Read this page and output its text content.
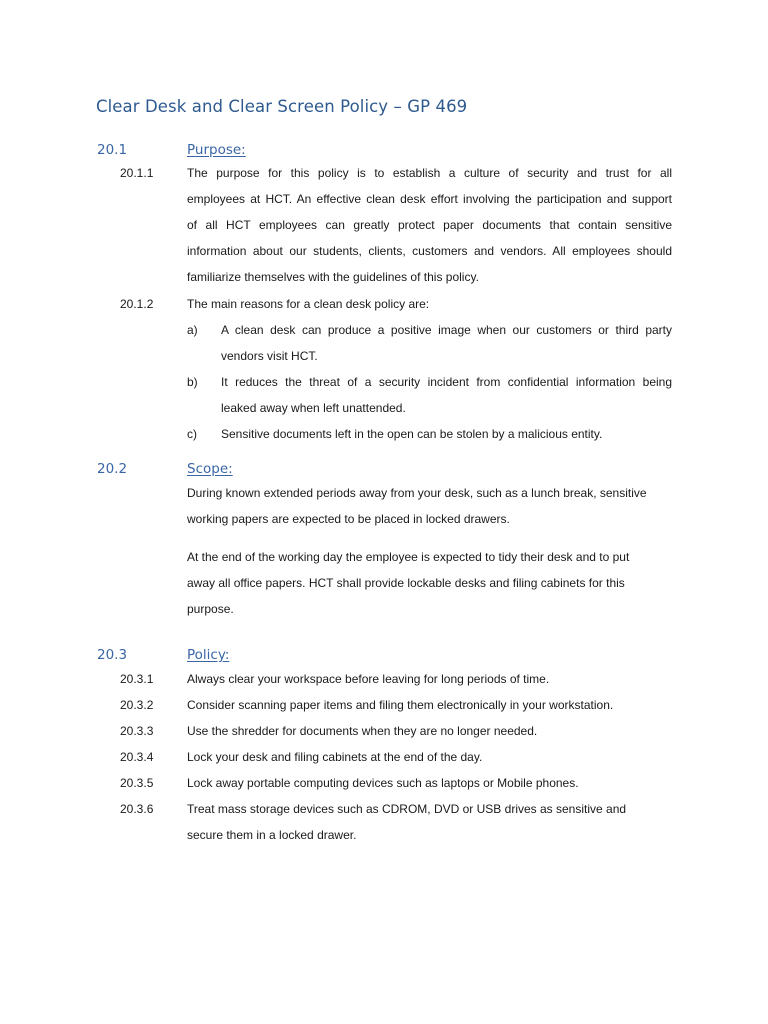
Clear Desk and Clear Screen Policy – GP 469
20.1	Purpose:
20.1.1	The purpose for this policy is to establish a culture of security and trust for all
employees at HCT. An effective clean desk effort involving the participation and support
of all HCT employees can greatly protect paper documents that contain sensitive
information about our students, clients, customers and vendors. All employees should
familiarize themselves with the guidelines of this policy.
20.1.2	The main reasons for a clean desk policy are:
a) A clean desk can produce a positive image when our customers or third party
vendors visit HCT.
b) It reduces the threat of a security incident from confidential information being
leaked away when left unattended.
c) Sensitive documents left in the open can be stolen by a malicious entity.
20.2	Scope:
During known extended periods away from your desk, such as a lunch break, sensitive
working papers are expected to be placed in locked drawers.
At the end of the working day the employee is expected to tidy their desk and to put
away all office papers. HCT shall provide lockable desks and filing cabinets for this
purpose.
20.3	Policy:
20.3.1	Always clear your workspace before leaving for long periods of time.
20.3.2	Consider scanning paper items and filing them electronically in your workstation.
20.3.3	Use the shredder for documents when they are no longer needed.
20.3.4	Lock your desk and filing cabinets at the end of the day.
20.3.5	Lock away portable computing devices such as laptops or Mobile phones.
20.3.6	Treat mass storage devices such as CDROM, DVD or USB drives as sensitive and
secure them in a locked drawer.
